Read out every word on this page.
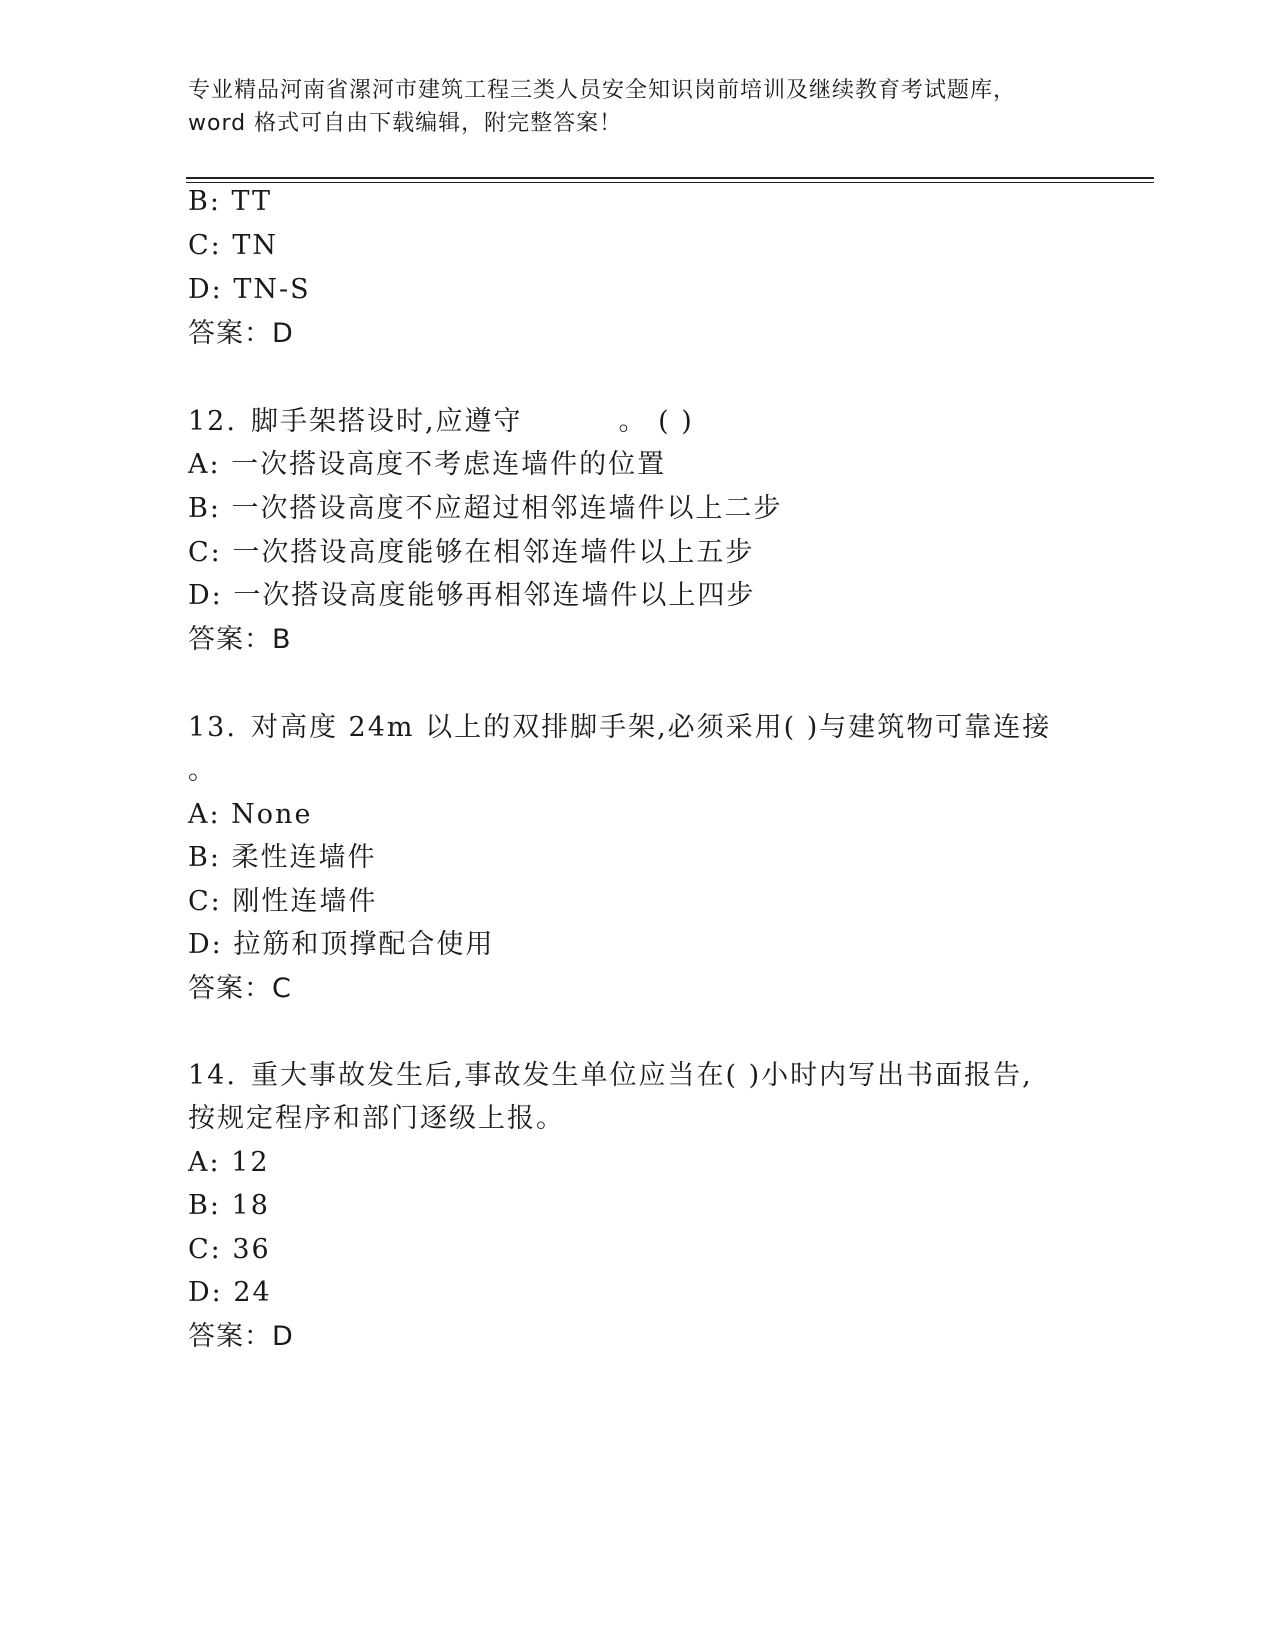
专业精品河南省漯河市建筑工程三类人员安全知识岗前培训及继续教育考试题库，
word 格式可自由下载编辑，附完整答案！
B: TT
C: TN
D: TN-S
答案：D
12. 脚手架搭设时,应遵守	。 ( )
A: 一次搭设高度不考虑连墙件的位置
B: 一次搭设高度不应超过相邻连墙件以上二步
C: 一次搭设高度能够在相邻连墙件以上五步
D: 一次搭设高度能够再相邻连墙件以上四步
答案：B
13. 对高度 24m 以上的双排脚手架,必须采用( )与建筑物可靠连接
。
A: None
B: 柔性连墙件
C: 刚性连墙件
D: 拉筋和顶撑配合使用
答案：C
14. 重大事故发生后,事故发生单位应当在( )小时内写出书面报告,
按规定程序和部门逐级上报。
A: 12
B: 18
C: 36
D: 24
答案：D
